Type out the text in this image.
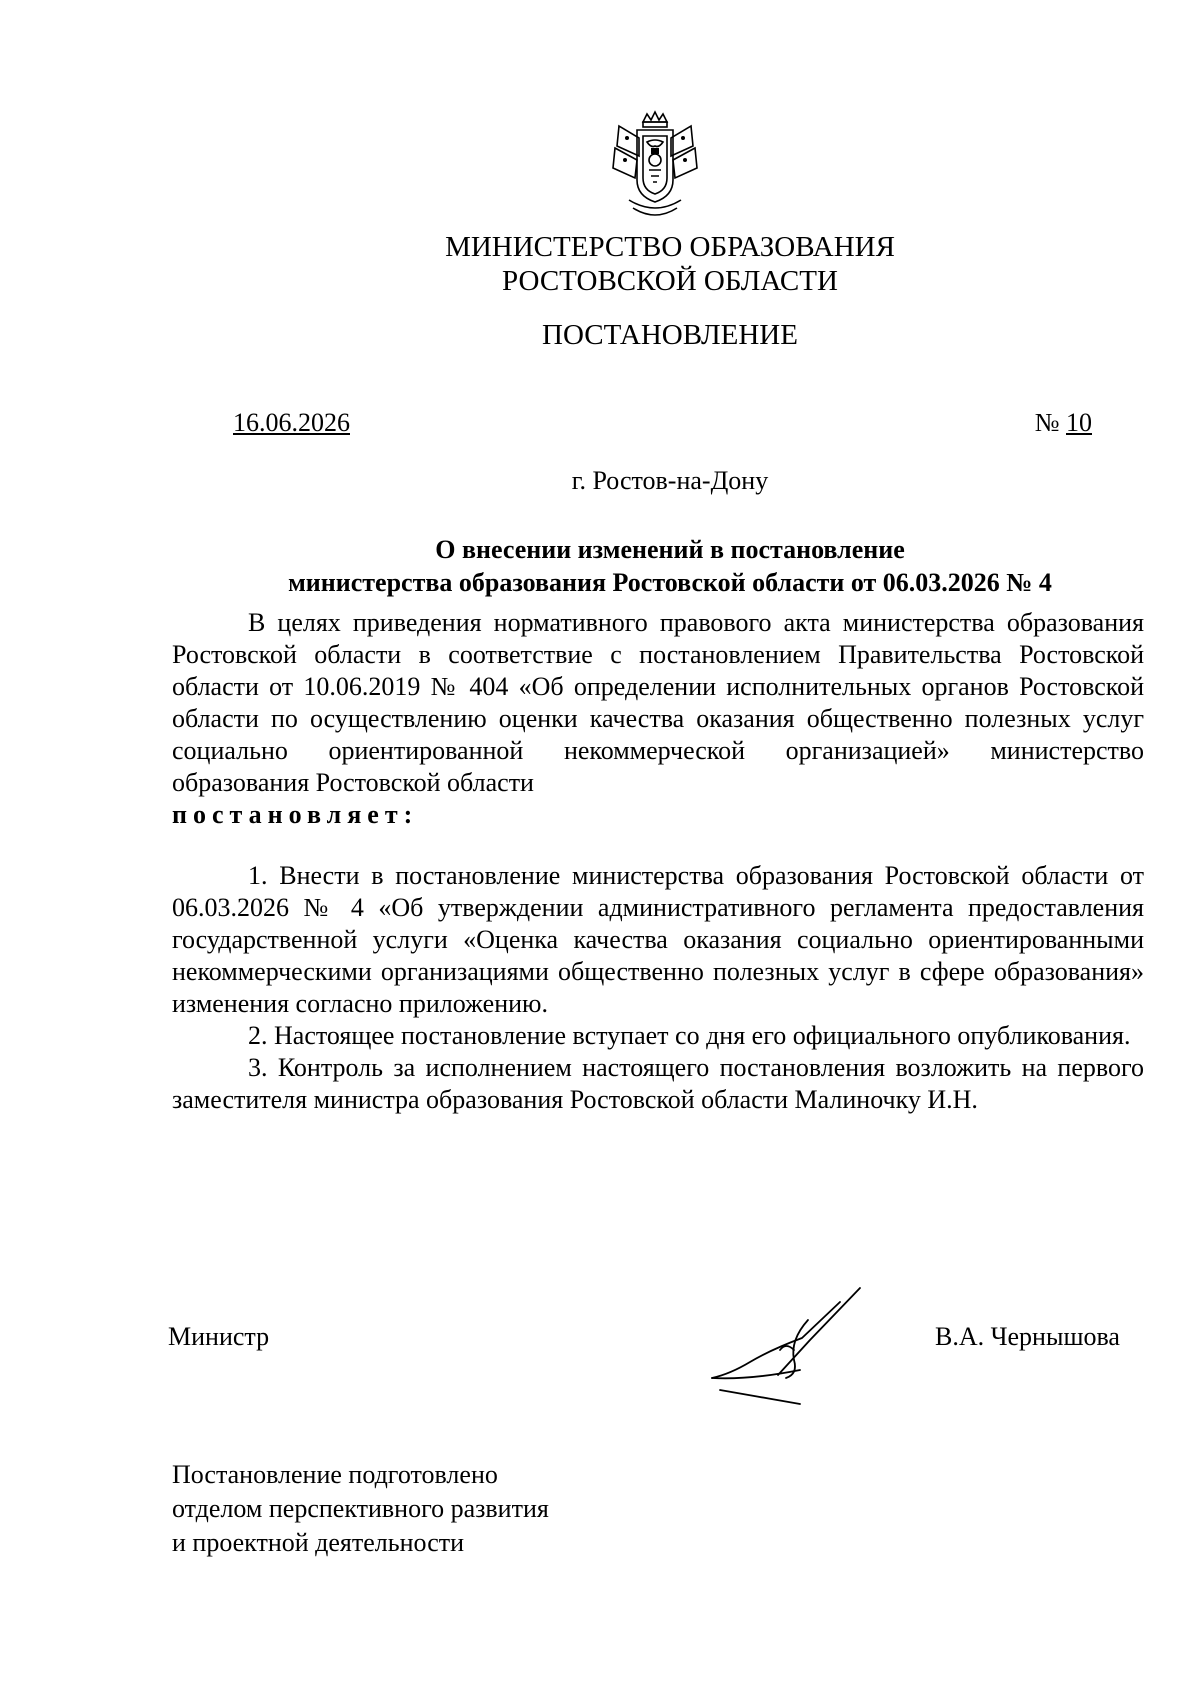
МИНИСТЕРСТВО ОБРАЗОВАНИЯ
РОСТОВСКОЙ ОБЛАСТИ
ПОСТАНОВЛЕНИЕ
16.06.2026	№ 10
г. Ростов-на-Дону
О внесении изменений в постановление
министерства образования Ростовской области от 06.03.2026 № 4

В целях приведения нормативного правового акта министерства образования Ростовской области в соответствие с постановлением Правительства Ростовской области от 10.06.2019 № 404 «Об определении исполнительных органов Ростовской области по осуществлению оценки качества оказания общественно полезных услуг социально ориентированной некоммерческой организацией» министерство образования Ростовской области

постановляет:

1. Внести в постановление министерства образования Ростовской области от 06.03.2026 № 4 «Об утверждении административного регламента предоставления государственной услуги «Оценка качества оказания социально ориентированными некоммерческими организациями общественно полезных услуг в сфере образования» изменения согласно приложению.

2. Настоящее постановление вступает со дня его официального опубликования.

3. Контроль за исполнением настоящего постановления возложить на первого заместителя министра образования Ростовской области Малиночку И.Н.

Министр	В.А. Чернышова
Постановление подготовлено
отделом перспективного развития
и проектной деятельности
